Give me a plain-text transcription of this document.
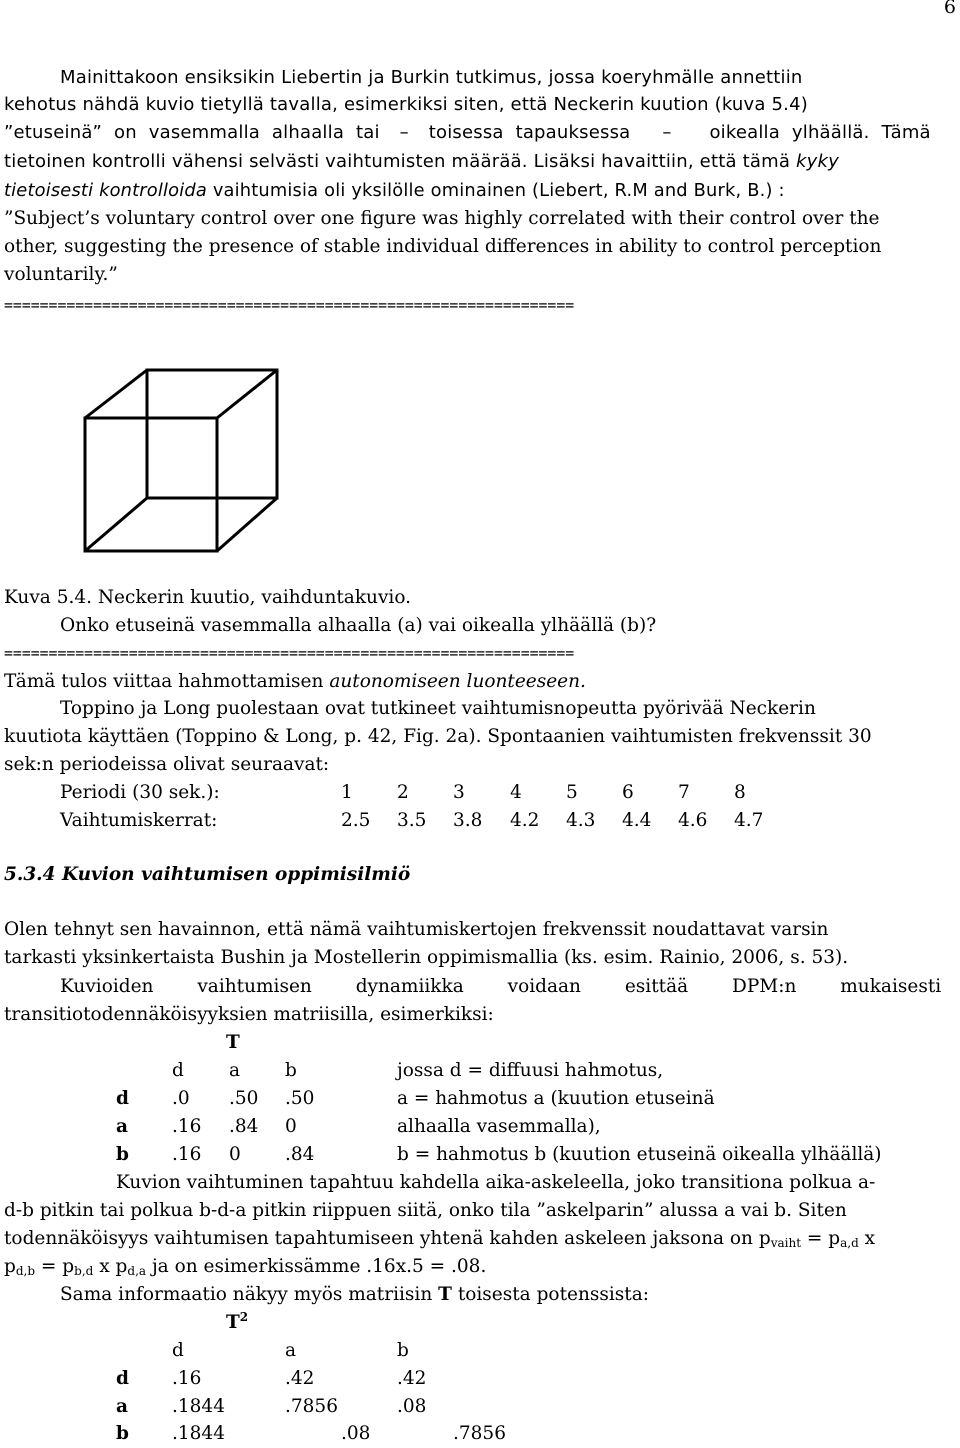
6
Mainittakoon ensiksikin Liebertin ja Burkin tutkimus, jossa koeryhmälle annettiin
kehotus nähdä kuvio tietyllä tavalla, esimerkiksi siten, että Neckerin kuution (kuva 5.4)
”etuseinä” on vasemmalla alhaalla tai – toisessa tapauksessa – oikealla ylhäällä. Tämä
tietoinen kontrolli vähensi selvästi vaihtumisten määrää. Lisäksi havaittiin, että tämä kyky
tietoisesti kontrolloida vaihtumisia oli yksilölle ominainen (Liebert, R.M and Burk, B.) :
”Subject’s voluntary control over one figure was highly correlated with their control over the
other, suggesting the presence of stable individual differences in ability to control perception
voluntarily.”
================================================================
Kuva 5.4. Neckerin kuutio, vaihduntakuvio.
Onko etuseinä vasemmalla alhaalla (a) vai oikealla ylhäällä (b)?
================================================================
Tämä tulos viittaa hahmottamisen autonomiseen luonteeseen.
Toppino ja Long puolestaan ovat tutkineet vaihtumisnopeutta pyörivää Neckerin
kuutiota käyttäen (Toppino & Long, p. 42, Fig. 2a). Spontaanien vaihtumisten frekvenssit 30
sek:n periodeissa olivat seuraavat:
Periodi (30 sek.):	1 2 3 4 5 6 7 8
Vaihtumiskerrat:	2.5 3.5 3.8 4.2 4.3 4.4 4.6 4.7
5.3.4 Kuvion vaihtumisen oppimisilmiö
Olen tehnyt sen havainnon, että nämä vaihtumiskertojen frekvenssit noudattavat varsin
tarkasti yksinkertaista Bushin ja Mostellerin oppimismallia (ks. esim. Rainio, 2006, s. 53).
Kuvioiden vaihtumisen dynamiikka voidaan esittää DPM:n mukaisesti
transitiotodennäköisyyksien matriisilla, esimerkiksi:
T
d a b
d .0 .50 .50
a .16 .84 0
b .16 0 .84
jossa d = diffuusi hahmotus,
a = hahmotus a (kuution etuseinä
alhaalla vasemmalla),
b = hahmotus b (kuution etuseinä oikealla ylhäällä)
Kuvion vaihtuminen tapahtuu kahdella aika-askeleella, joko transitiona polkua a-
d-b pitkin tai polkua b-d-a pitkin riippuen siitä, onko tila ”askelparin” alussa a vai b. Siten
todennäköisyys vaihtumisen tapahtumiseen yhtenä kahden askeleen jaksona on $p_{vaiht} = p_{a,d}$ x
$p_{d,b} = p_{b,d}$ x $p_{d,a}$ ja on esimerkissämme .16x.5 = .08.
Sama informaatio näkyy myös matriisin T toisesta potenssista:
$T^2$
d	a	b
d .16	.42	.42
a .1844	.7856	.08
b .1844	.08	.7856
